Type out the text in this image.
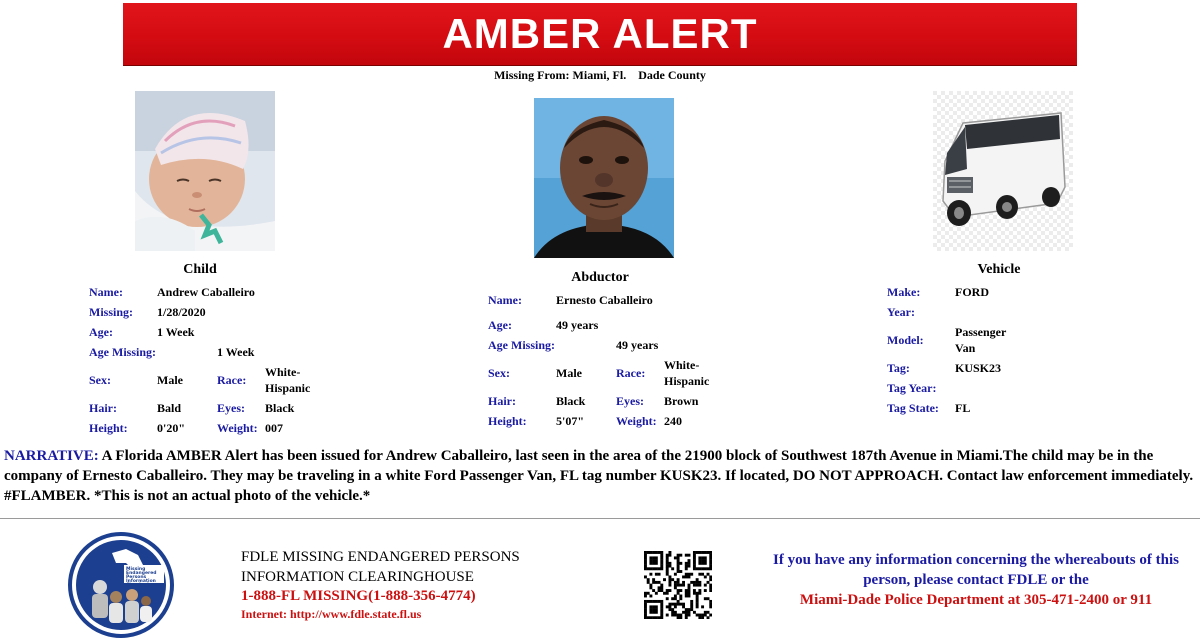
AMBER ALERT
Missing From: Miami, Fl. Dade County
Child
Abductor
Vehicle
Name:	Andrew Caballeiro
Missing: 1/28/2020
Age:	1 Week
Age Missing:	1 Week
Sex:	Male	Race:
White-Hispanic
Hair:	Bald	Eyes: Black
Height: 0'20"	Weight: 007
Name:	Ernesto Caballeiro
Age:	49 years
Age Missing:	49 years
Sex:	Male	Race:
White-Hispanic
Hair:	Black	Eyes: Brown
Height: 5'07"	Weight: 240
Make:	FORD
Year:
Model:
Passenger Van
Tag:	KUSK23
Tag Year:
Tag State: FL
NARRATIVE: A Florida AMBER Alert has been issued for Andrew Caballeiro, last seen in the area of the 21900 block of Southwest 187th Avenue in Miami.The child may be in the company of Ernesto Caballeiro. They may be traveling in a white Ford Passenger Van, FL tag number KUSK23. If located, DO NOT APPROACH. Contact law enforcement immediately. #FLAMBER. *This is not an actual photo of the vehicle.*
Missing
Endangered
Persons
Information
Clearinghouse
FDLE MISSING ENDANGERED PERSONS
INFORMATION CLEARINGHOUSE
1-888-FL MISSING(1-888-356-4774)
Internet: http://www.fdle.state.fl.us
If you have any information concerning the whereabouts of this
person, please contact FDLE or the
Miami-Dade Police Department at 305-471-2400 or 911
